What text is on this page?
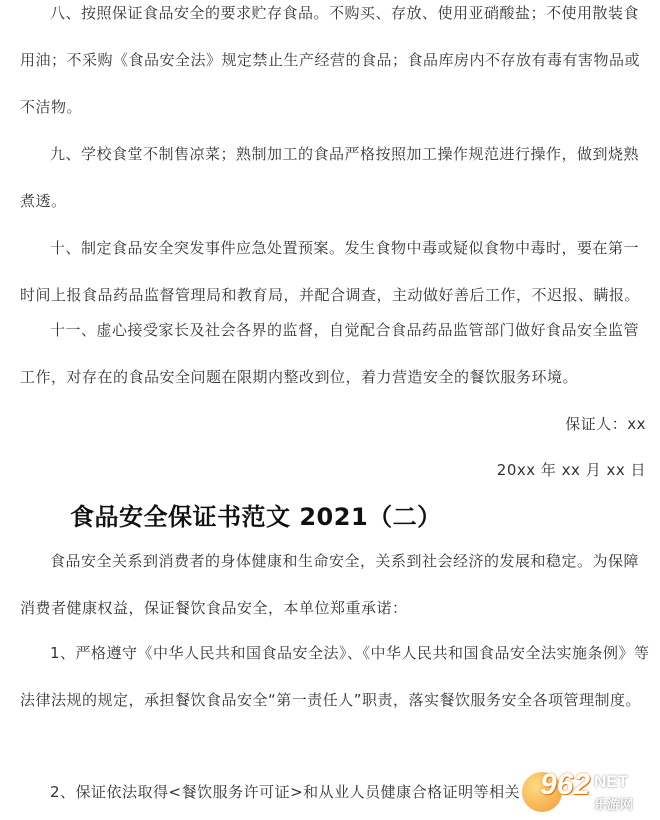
八、按照保证食品安全的要求贮存食品。不购买、存放、使用亚硝酸盐；不使用散装食用油；不采购《食品安全法》规定禁止生产经营的食品；食品库房内不存放有毒有害物品或不洁物。

九、学校食堂不制售凉菜；熟制加工的食品严格按照加工操作规范进行操作，做到烧熟煮透。

十、制定食品安全突发事件应急处置预案。发生食物中毒或疑似食物中毒时，要在第一时间上报食品药品监督管理局和教育局，并配合调查，主动做好善后工作，不迟报、瞒报。

十一、虚心接受家长及社会各界的监督，自觉配合食品药品监管部门做好食品安全监管工作，对存在的食品安全问题在限期内整改到位，着力营造安全的餐饮服务环境。

保证人：xx

20xx 年 xx 月 xx 日

食品安全保证书范文 2021（二）

食品安全关系到消费者的身体健康和生命安全，关系到社会经济的发展和稳定。为保障消费者健康权益，保证餐饮食品安全，本单位郑重承诺：

1、严格遵守《中华人民共和国食品安全法》、《中华人民共和国食品安全法实施条例》等法律法规的规定，承担餐饮食品安全“第一责任人”职责，落实餐饮服务安全各项管理制度。

2、保证依法取得<餐饮服务许可证>和从业人员健康合格证明等相关 962 NET
乐游网
